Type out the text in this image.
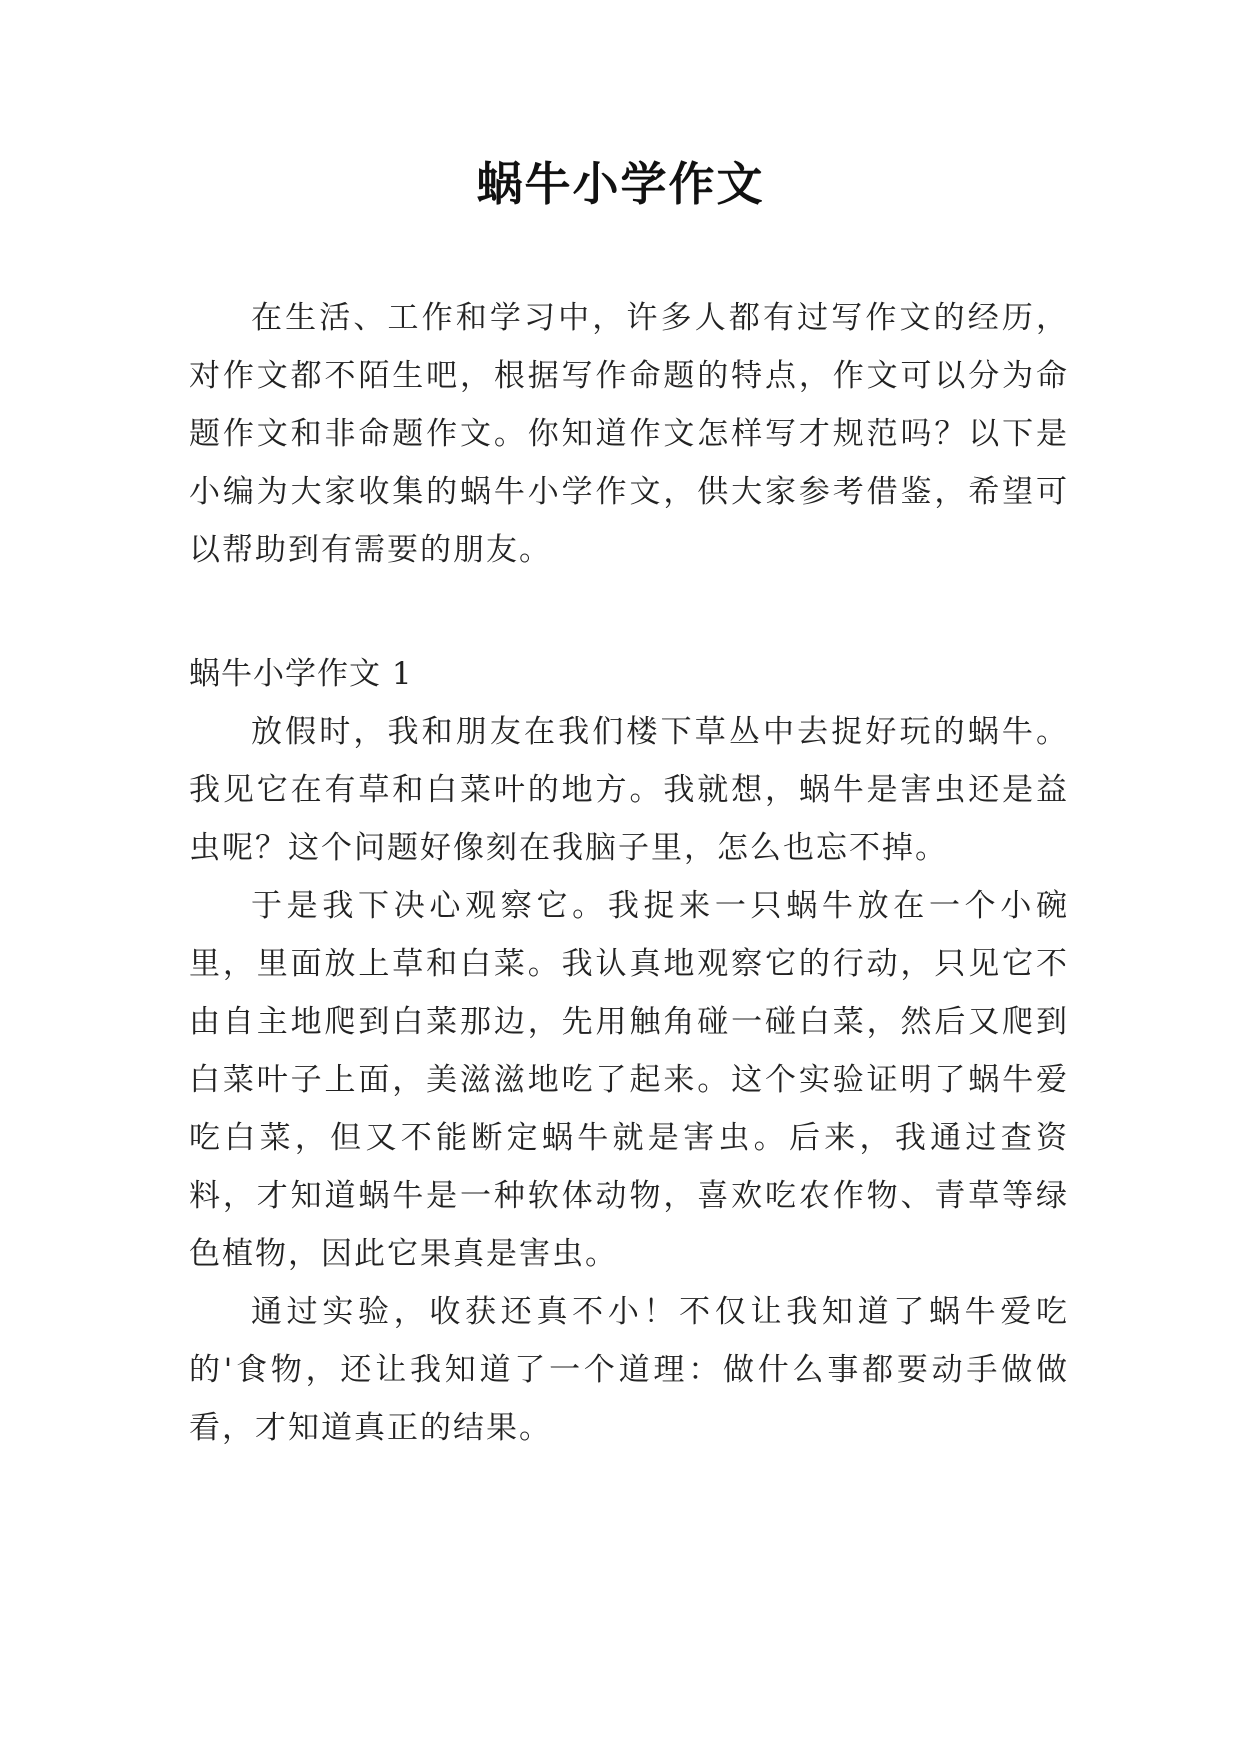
蜗牛小学作文

在生活、工作和学习中，许多人都有过写作文的经历，对作文都不陌生吧，根据写作命题的特点，作文可以分为命题作文和非命题作文。你知道作文怎样写才规范吗？以下是小编为大家收集的蜗牛小学作文，供大家参考借鉴，希望可以帮助到有需要的朋友。

蜗牛小学作文 1

放假时，我和朋友在我们楼下草丛中去捉好玩的蜗牛。我见它在有草和白菜叶的地方。我就想，蜗牛是害虫还是益虫呢？这个问题好像刻在我脑子里，怎么也忘不掉。

于是我下决心观察它。我捉来一只蜗牛放在一个小碗里，里面放上草和白菜。我认真地观察它的行动，只见它不由自主地爬到白菜那边，先用触角碰一碰白菜，然后又爬到白菜叶子上面，美滋滋地吃了起来。这个实验证明了蜗牛爱吃白菜，但又不能断定蜗牛就是害虫。后来，我通过查资料，才知道蜗牛是一种软体动物，喜欢吃农作物、青草等绿色植物，因此它果真是害虫。

通过实验，收获还真不小！不仅让我知道了蜗牛爱吃的'食物，还让我知道了一个道理：做什么事都要动手做做看，才知道真正的结果。
